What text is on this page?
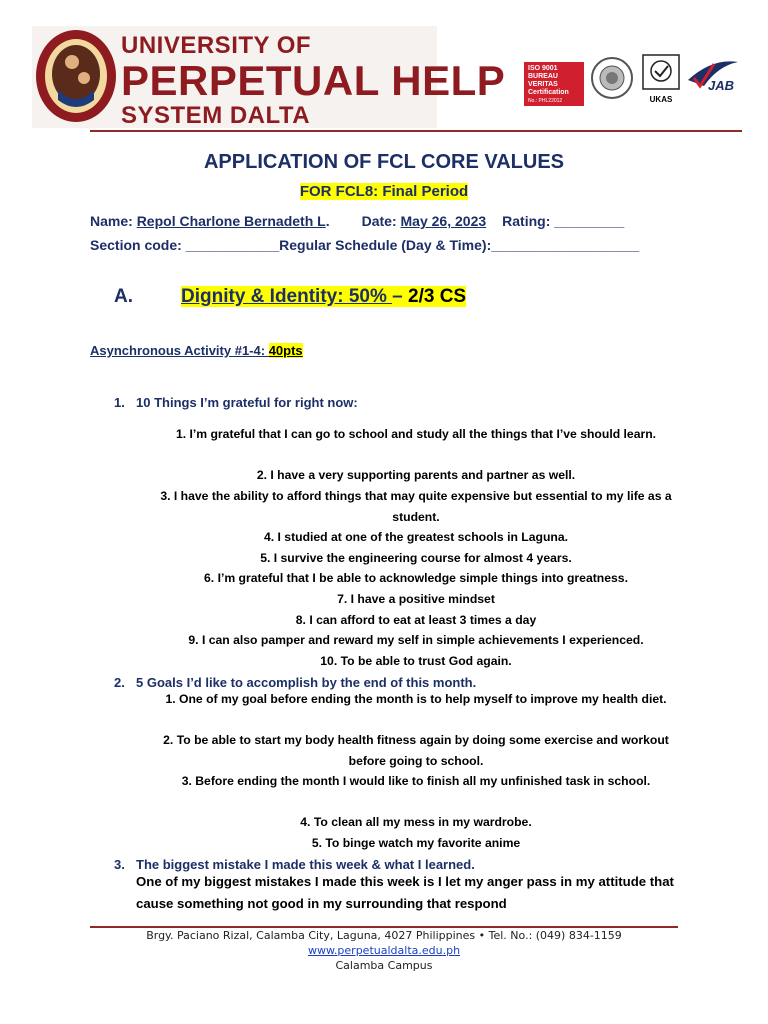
UNIVERSITY OF
PERPETUAL HELP
SYSTEM DALTA
ISO 9001
BUREAU VERITAS
Certification
No.: PHL22012	UKAS
JAB
APPLICATION OF FCL CORE VALUES
FOR FCL8: Final Period
Name: Repol Charlone Bernadeth L. Date: May 26, 2023 Rating: _________
Section code: ____________Regular Schedule (Day & Time):___________________
A.	Dignity & Identity: 50% – 2/3 CS
Asynchronous Activity #1-4: 40pts
1. 10 Things I’m grateful for right now:
1. I’m grateful that I can go to school and study all the things that I’ve should learn.
2. I have a very supporting parents and partner as well.
3. I have the ability to afford things that may quite expensive but essential to my life as a student.
4. I studied at one of the greatest schools in Laguna.
5. I survive the engineering course for almost 4 years.
6. I’m grateful that I be able to acknowledge simple things into greatness.
7. I have a positive mindset
8. I can afford to eat at least 3 times a day
9. I can also pamper and reward my self in simple achievements I experienced.
10. To be able to trust God again.
2. 5 Goals I’d like to accomplish by the end of this month.
1. One of my goal before ending the month is to help myself to improve my health diet.
2. To be able to start my body health fitness again by doing some exercise and workout before going to school.
3. Before ending the month I would like to finish all my unfinished task in school.
4. To clean all my mess in my wardrobe.
5. To binge watch my favorite anime
3. The biggest mistake I made this week & what I learned.
One of my biggest mistakes I made this week is I let my anger pass in my attitude that cause something not good in my surrounding that respond
Brgy. Paciano Rizal, Calamba City, Laguna, 4027 Philippines • Tel. No.: (049) 834-1159
www.perpetualdalta.edu.ph
Calamba Campus
